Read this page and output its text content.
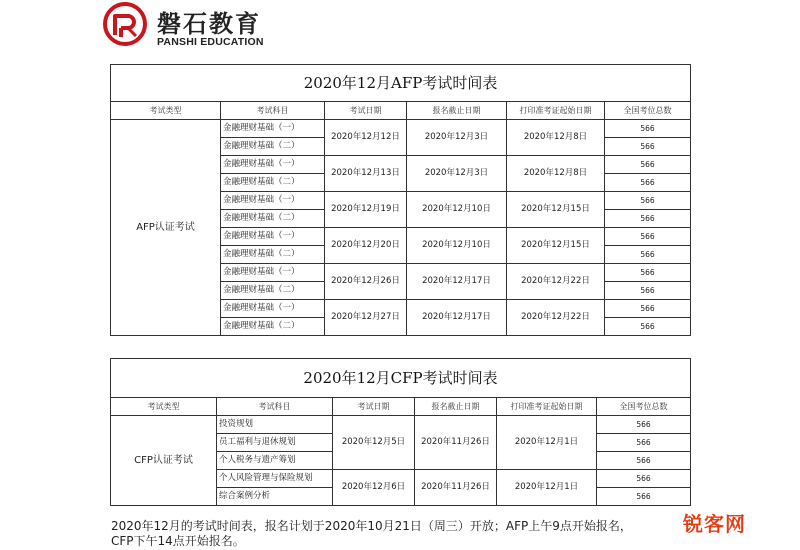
磐石教育
PANSHI EDUCATION
2020年12月AFP考试时间表					
考试类型	考试科目	考试日期	报名截止日期	打印准考证起始日期	全国考位总数
AFP认证考试	金融理财基础（一）	2020年12月12日	2020年12月3日	2020年12月8日	566
	金融理财基础（二）				566
	金融理财基础（一）	2020年12月13日	2020年12月3日	2020年12月8日	566
	金融理财基础（二）				566
	金融理财基础（一）	2020年12月19日	2020年12月10日	2020年12月15日	566
	金融理财基础（二）				566
	金融理财基础（一）	2020年12月20日	2020年12月10日	2020年12月15日	566
	金融理财基础（二）				566
	金融理财基础（一）	2020年12月26日	2020年12月17日	2020年12月22日	566
	金融理财基础（二）				566
	金融理财基础（一）	2020年12月27日	2020年12月17日	2020年12月22日	566
	金融理财基础（二）				566
2020年12月CFP考试时间表					
考试类型	考试科目	考试日期	报名截止日期	打印准考证起始日期	全国考位总数
CFP认证考试	投资规划	2020年12月5日	2020年11月26日	2020年12月1日	566
	员工福利与退休规划				566
	个人税务与遗产筹划				566
	个人风险管理与保险规划	2020年12月6日	2020年11月26日	2020年12月1日	566
	综合案例分析				566
2020年12月的考试时间表，报名计划于2020年10月21日（周三）开放；AFP上午9点开始报名，
CFP下午14点开始报名。
锐客网
